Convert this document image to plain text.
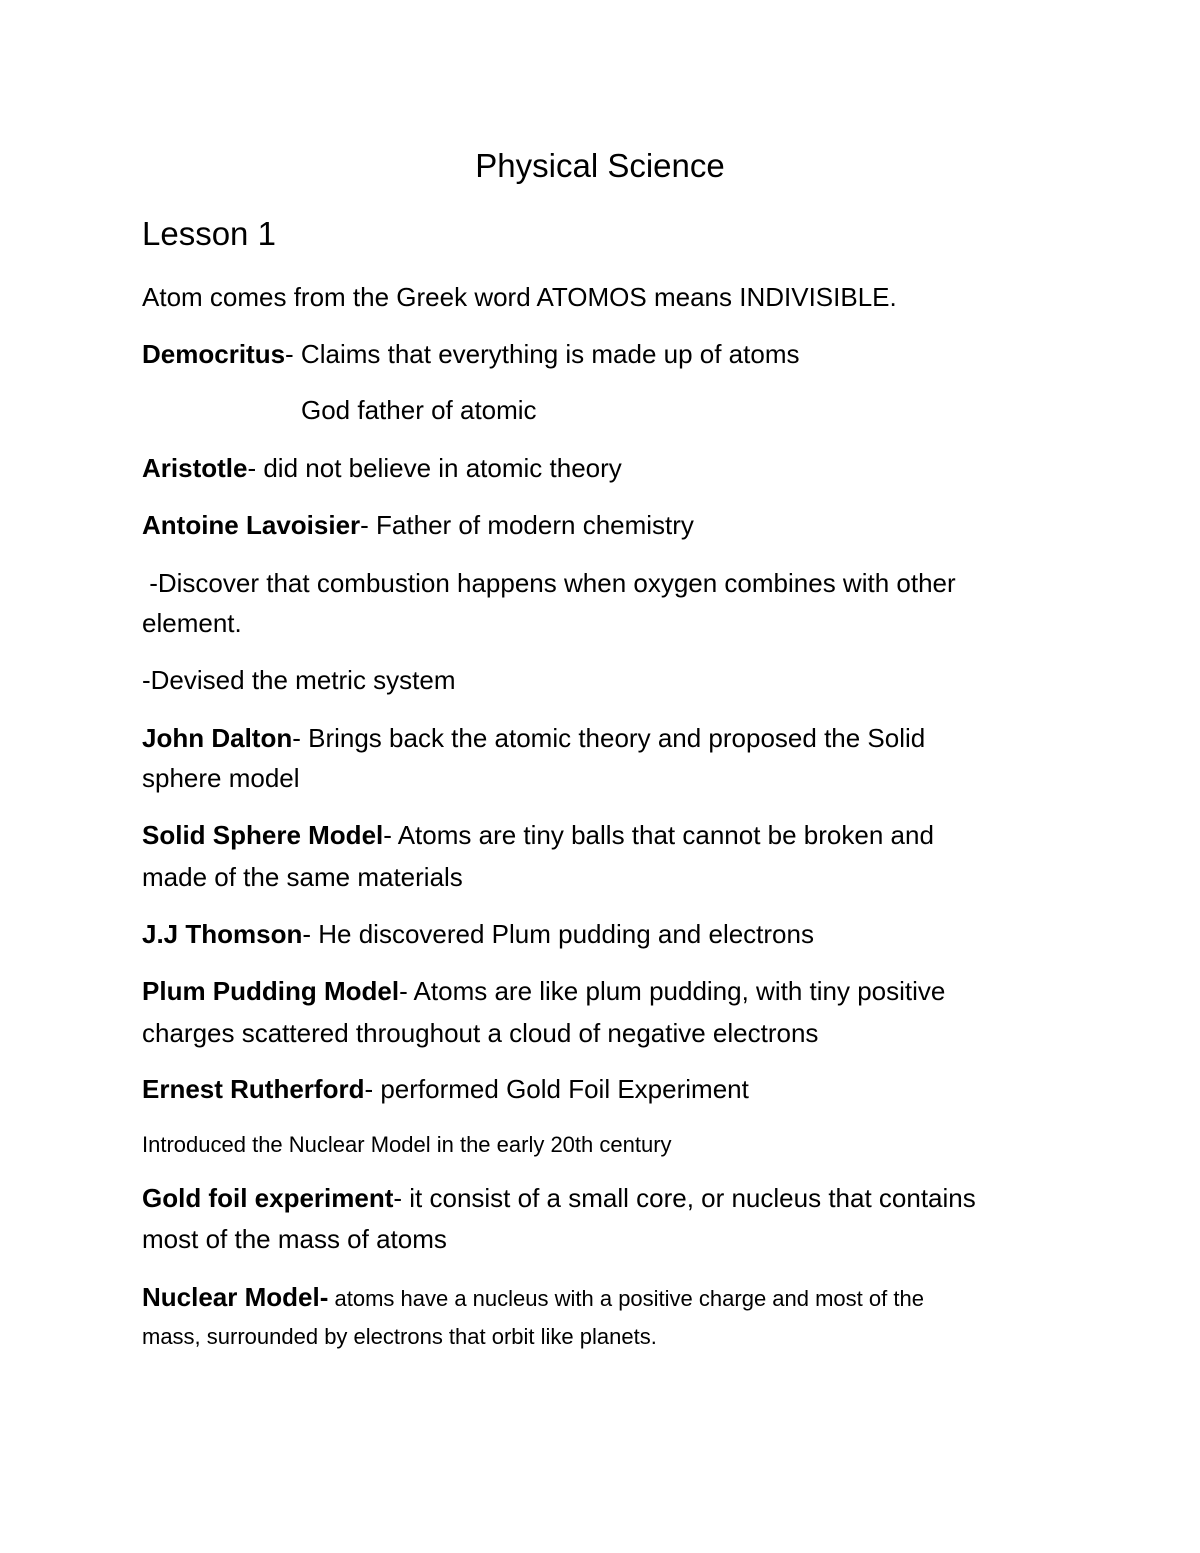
Physical Science
Lesson 1
Atom comes from the Greek word ATOMOS means INDIVISIBLE.
Democritus- Claims that everything is made up of atoms
God father of atomic
Aristotle- did not believe in atomic theory
Antoine Lavoisier- Father of modern chemistry
-Discover that combustion happens when oxygen combines with other
element.
-Devised the metric system
John Dalton- Brings back the atomic theory and proposed the Solid
sphere model
Solid Sphere Model- Atoms are tiny balls that cannot be broken and
made of the same materials
J.J Thomson- He discovered Plum pudding and electrons
Plum Pudding Model- Atoms are like plum pudding, with tiny positive
charges scattered throughout a cloud of negative electrons
Ernest Rutherford- performed Gold Foil Experiment
Introduced the Nuclear Model in the early 20th century
Gold foil experiment- it consist of a small core, or nucleus that contains
most of the mass of atoms
Nuclear Model- atoms have a nucleus with a positive charge and most of the
mass, surrounded by electrons that orbit like planets.
